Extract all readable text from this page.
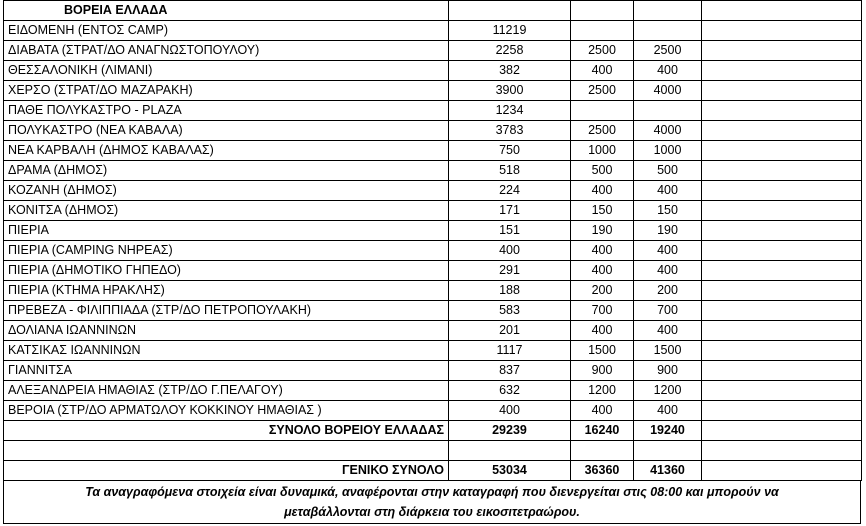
ΒΟΡΕΙΑ ΕΛΛΑΔΑ				
ΕΙΔΟΜΕΝΗ (ΕΝΤΟΣ CAMP)	11219			
ΔΙΑΒΑΤΑ (ΣΤΡΑΤ/ΔΟ ΑΝΑΓΝΩΣΤΟΠΟΥΛΟΥ)	2258	2500	2500	
ΘΕΣΣΑΛΟΝΙΚΗ (ΛΙΜΑΝΙ)	382	400	400	
ΧΕΡΣΟ (ΣΤΡΑΤ/ΔΟ ΜΑΖΑΡΑΚΗ)	3900	2500	4000	
ΠΑΘΕ ΠΟΛΥΚΑΣΤΡΟ - PLAZA	1234			
ΠΟΛΥΚΑΣΤΡΟ (ΝΕΑ ΚΑΒΑΛΑ)	3783	2500	4000	
ΝΕΑ ΚΑΡΒΑΛΗ (ΔΗΜΟΣ ΚΑΒΑΛΑΣ)	750	1000	1000	
ΔΡΑΜΑ (ΔΗΜΟΣ)	518	500	500	
ΚΟΖΑΝΗ (ΔΗΜΟΣ)	224	400	400	
ΚΟΝΙΤΣΑ (ΔΗΜΟΣ)	171	150	150	
ΠΙΕΡΙΑ	151	190	190	
ΠΙΕΡΙΑ (CAMPING ΝΗΡΕΑΣ)	400	400	400	
ΠΙΕΡΙΑ (ΔΗΜΟΤΙΚΟ ΓΗΠΕΔΟ)	291	400	400	
ΠΙΕΡΙΑ (ΚΤΗΜΑ ΗΡΑΚΛΗΣ)	188	200	200	
ΠΡΕΒΕΖΑ - ΦΙΛΙΠΠΙΑΔΑ (ΣΤΡ/ΔΟ ΠΕΤΡΟΠΟΥΛΑΚΗ)	583	700	700	
ΔΟΛΙΑΝΑ ΙΩΑΝΝΙΝΩΝ	201	400	400	
ΚΑΤΣΙΚΑΣ ΙΩΑΝΝΙΝΩΝ	1117	1500	1500	
ΓΙΑΝΝΙΤΣΑ	837	900	900	
ΑΛΕΞΑΝΔΡΕΙΑ ΗΜΑΘΙΑΣ (ΣΤΡ/ΔΟ Γ.ΠΕΛΑΓΟΥ)	632	1200	1200	
ΒΕΡΟΙΑ (ΣΤΡ/ΔΟ ΑΡΜΑΤΩΛΟΥ ΚΟΚΚΙΝΟΥ ΗΜΑΘΙΑΣ )	400	400	400	
ΣΥΝΟΛΟ ΒΟΡΕΙΟΥ ΕΛΛΑΔΑΣ	29239	16240	19240	

ΓΕΝΙΚΟ ΣΥΝΟΛΟ	53034	36360	41360	
Τα αναγραφόμενα στοιχεία είναι δυναμικά, αναφέρονται στην καταγραφή που διενεργείται στις 08:00 και μπορούν να
μεταβάλλονται στη διάρκεια του εικοσιτετραώρου.
